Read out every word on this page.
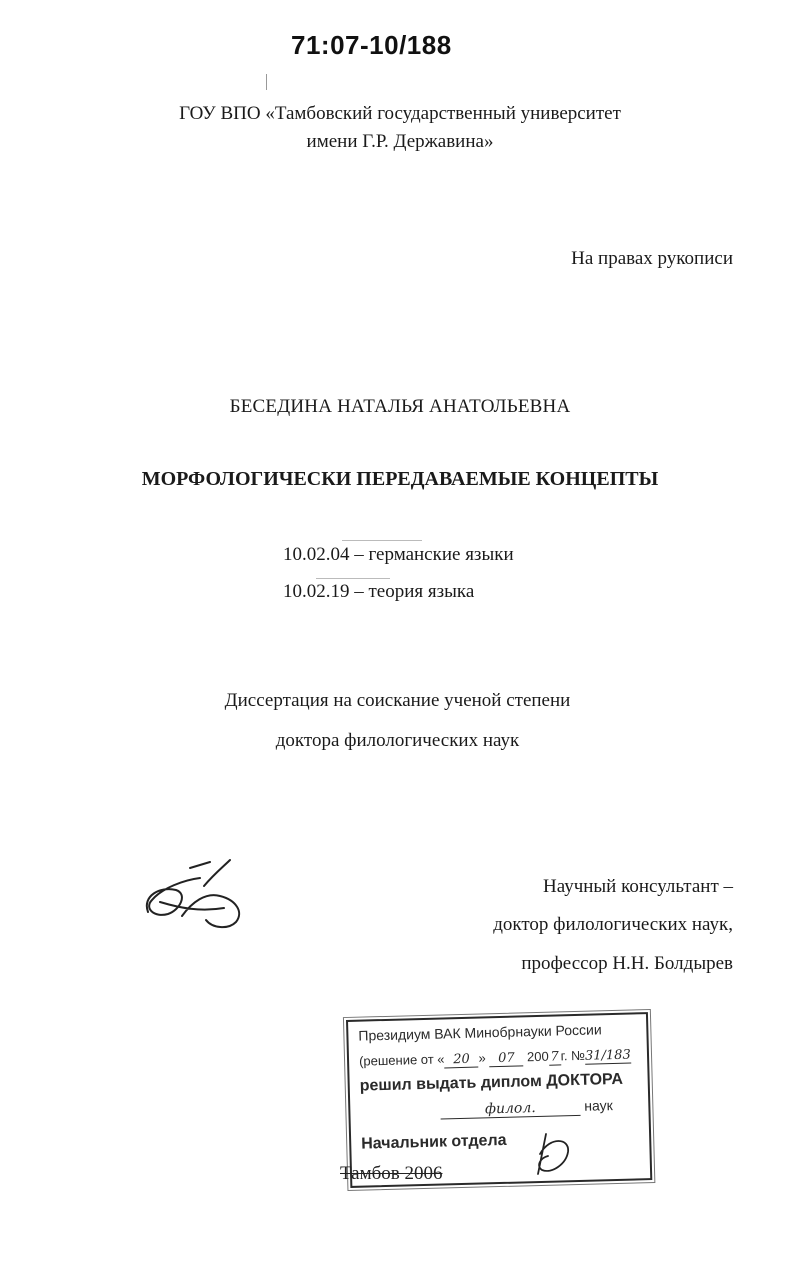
71:07-10/188
ГОУ ВПО «Тамбовский государственный университет
имени Г.Р. Державина»
На правах рукописи
БЕСЕДИНА НАТАЛЬЯ АНАТОЛЬЕВНА
МОРФОЛОГИЧЕСКИ ПЕРЕДАВАЕМЫЕ КОНЦЕПТЫ
10.02.04 – германские языки
10.02.19 – теория языка
Диссертация на соискание ученой степени
доктора филологических наук
Научный консультант –
доктор филологических наук,
профессор Н.Н. Болдырев
Президиум ВАК Минобрнауки России
(решение от « 20 » 07 2007г. №31/183
решил выдать диплом ДОКТОРА
филол.	наук
Начальник отдела
Тамбов 2006
